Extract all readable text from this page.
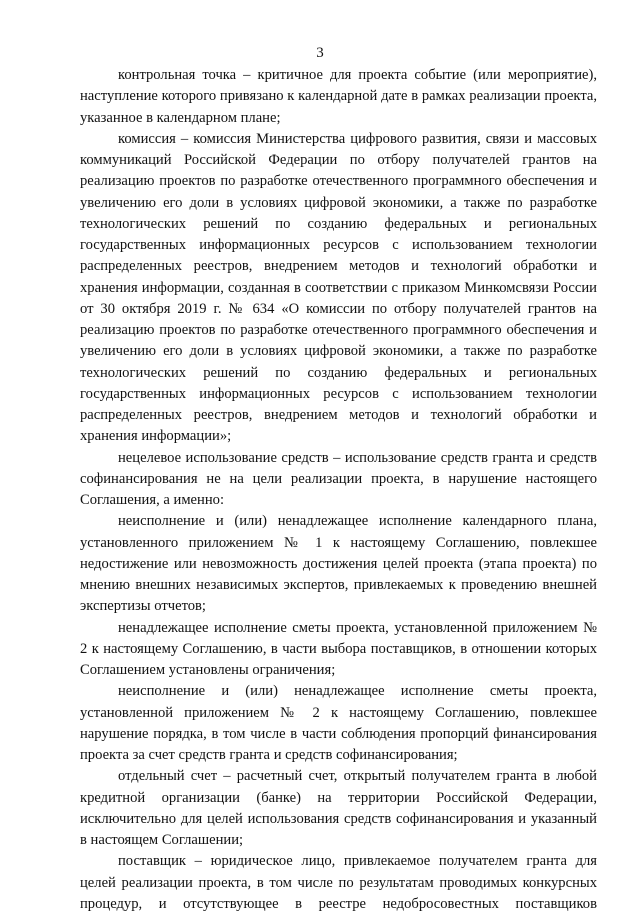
3

контрольная точка – критичное для проекта событие (или мероприятие), наступление которого привязано к календарной дате в рамках реализации проекта, указанное в календарном плане;

комиссия – комиссия Министерства цифрового развития, связи и массовых коммуникаций Российской Федерации по отбору получателей грантов на реализацию проектов по разработке отечественного программного обеспечения и увеличению его доли в условиях цифровой экономики, а также по разработке технологических решений по созданию федеральных и региональных государственных информационных ресурсов с использованием технологии распределенных реестров, внедрением методов и технологий обработки и хранения информации, созданная в соответствии с приказом Минкомсвязи России от 30 октября 2019 г. № 634 «О комиссии по отбору получателей грантов на реализацию проектов по разработке отечественного программного обеспечения и увеличению его доли в условиях цифровой экономики, а также по разработке технологических решений по созданию федеральных и региональных государственных информационных ресурсов с использованием технологии распределенных реестров, внедрением методов и технологий обработки и хранения информации»;

нецелевое использование средств – использование средств гранта и средств софинансирования не на цели реализации проекта, в нарушение настоящего Соглашения, а именно:

неисполнение и (или) ненадлежащее исполнение календарного плана, установленного приложением № 1 к настоящему Соглашению, повлекшее недостижение или невозможность достижения целей проекта (этапа проекта) по мнению внешних независимых экспертов, привлекаемых к проведению внешней экспертизы отчетов;

ненадлежащее исполнение сметы проекта, установленной приложением № 2 к настоящему Соглашению, в части выбора поставщиков, в отношении которых Соглашением установлены ограничения;

неисполнение и (или) ненадлежащее исполнение сметы проекта, установленной приложением № 2 к настоящему Соглашению, повлекшее нарушение порядка, в том числе в части соблюдения пропорций финансирования проекта за счет средств гранта и средств софинансирования;

отдельный счет – расчетный счет, открытый получателем гранта в любой кредитной организации (банке) на территории Российской Федерации, исключительно для целей использования средств софинансирования и указанный в настоящем Соглашении;

поставщик – юридическое лицо, привлекаемое получателем гранта для целей реализации проекта, в том числе по результатам проводимых конкурсных процедур, и отсутствующее в реестре недобросовестных поставщиков
